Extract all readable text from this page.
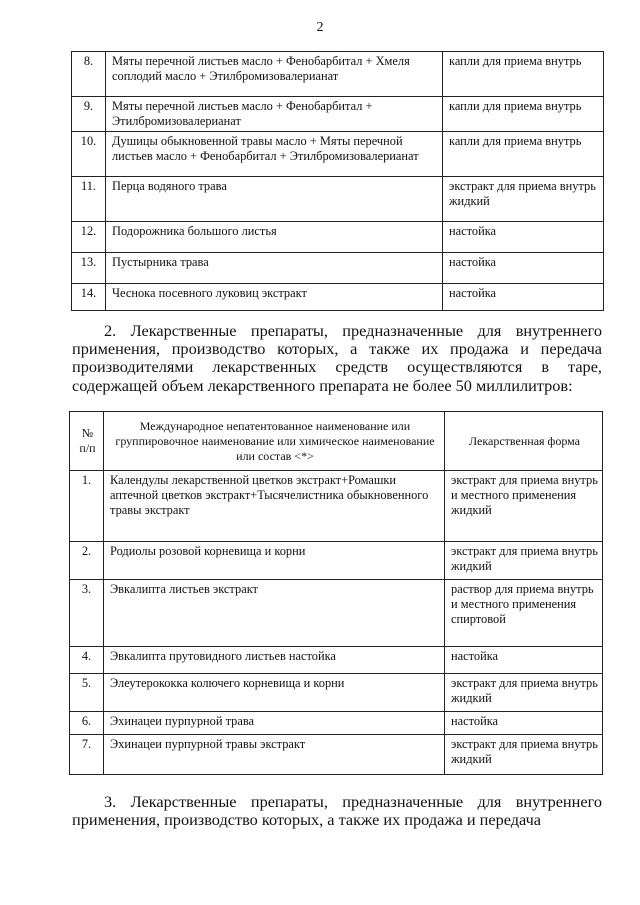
2
8.	Мяты перечной листьев масло + Фенобарбитал + Хмеля соплодий масло + Этилбромизовалерианат	капли для приема внутрь
9.	Мяты перечной листьев масло + Фенобарбитал + Этилбромизовалерианат	капли для приема внутрь
10.	Душицы обыкновенной травы масло + Мяты перечной листьев масло + Фенобарбитал + Этилбромизовалерианат	капли для приема внутрь
11.	Перца водяного трава	экстракт для приема внутрь жидкий
12.	Подорожника большого листья	настойка
13.	Пустырника трава	настойка
14.	Чеснока посевного луковиц экстракт	настойка

2. Лекарственные препараты, предназначенные для внутреннего применения, производство которых, а также их продажа и передача производителями лекарственных средств осуществляются в таре, содержащей объем лекарственного препарата не более 50 миллилитров:

№ п/п	Международное непатентованное наименование или группировочное наименование или химическое наименование или состав <*>	Лекарственная форма
1.	Календулы лекарственной цветков экстракт+Ромашки аптечной цветков экстракт+Тысячелистника обыкновенного травы экстракт	экстракт для приема внутрь и местного применения жидкий
2.	Родиолы розовой корневища и корни	экстракт для приема внутрь жидкий
3.	Эвкалипта листьев экстракт	раствор для приема внутрь и местного применения спиртовой
4.	Эвкалипта прутовидного листьев настойка	настойка
5.	Элеутерококка колючего корневища и корни	экстракт для приема внутрь жидкий
6.	Эхинацеи пурпурной трава	настойка
7.	Эхинацеи пурпурной травы экстракт	экстракт для приема внутрь жидкий

3. Лекарственные препараты, предназначенные для внутреннего применения, производство которых, а также их продажа и передача
